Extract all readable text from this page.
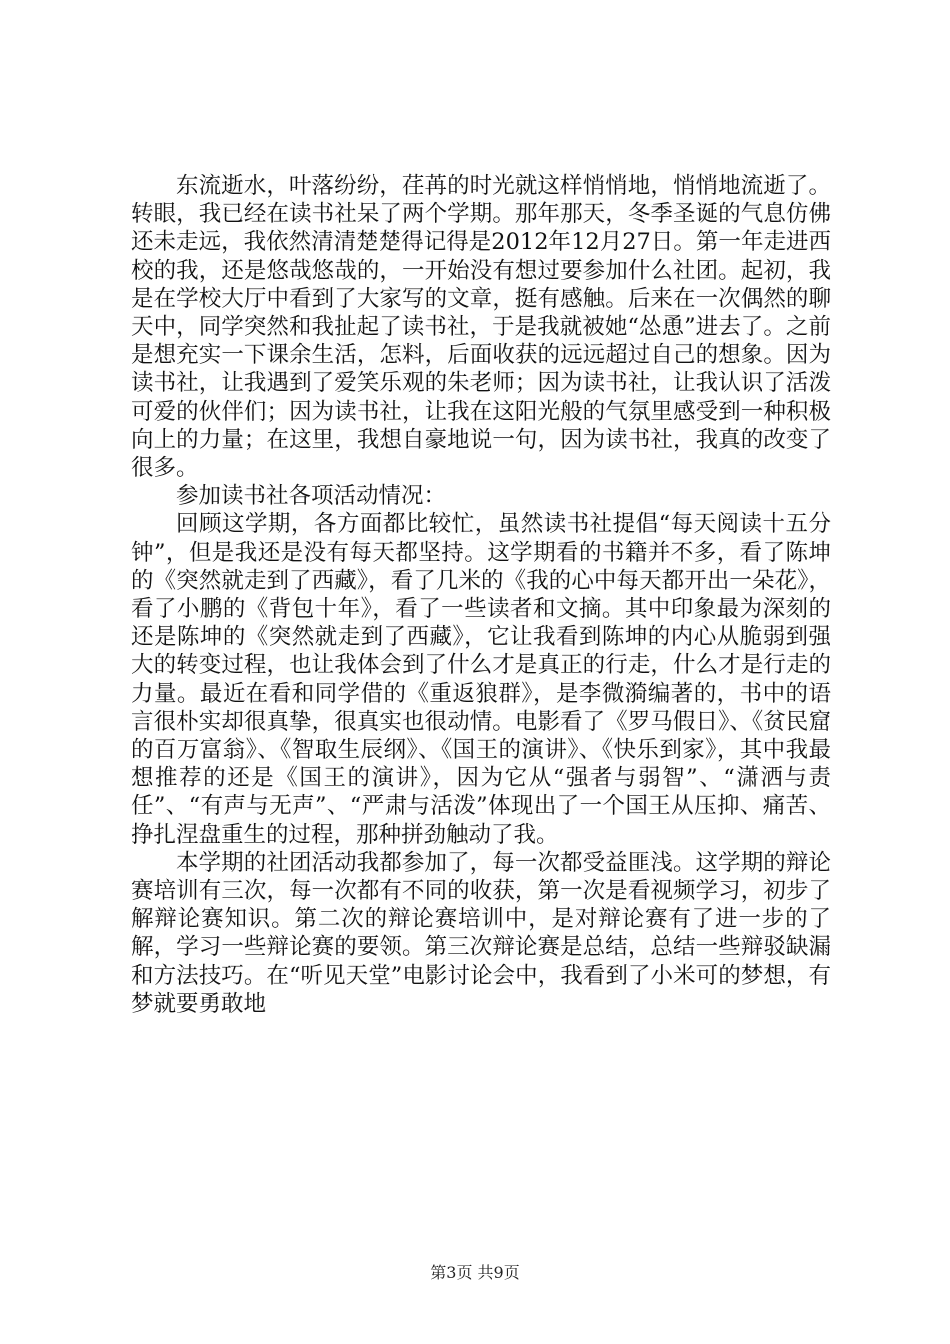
东流逝水，叶落纷纷，荏苒的时光就这样悄悄地，悄悄地流逝了。转眼，我已经在读书社呆了两个学期。那年那天，冬季圣诞的气息仿佛还未走远，我依然清清楚楚得记得是2012年12月27日。第一年走进西校的我，还是悠哉悠哉的，一开始没有想过要参加什么社团。起初，我是在学校大厅中看到了大家写的文章，挺有感触。后来在一次偶然的聊天中，同学突然和我扯起了读书社，于是我就被她“怂恿”进去了。之前是想充实一下课余生活，怎料，后面收获的远远超过自己的想象。因为读书社，让我遇到了爱笑乐观的朱老师；因为读书社，让我认识了活泼可爱的伙伴们；因为读书社，让我在这阳光般的气氛里感受到一种积极向上的力量；在这里，我想自豪地说一句，因为读书社，我真的改变了很多。

参加读书社各项活动情况：

回顾这学期，各方面都比较忙，虽然读书社提倡“每天阅读十五分钟”，但是我还是没有每天都坚持。这学期看的书籍并不多，看了陈坤的《突然就走到了西藏》，看了几米的《我的心中每天都开出一朵花》，看了小鹏的《背包十年》，看了一些读者和文摘。其中印象最为深刻的还是陈坤的《突然就走到了西藏》，它让我看到陈坤的内心从脆弱到强大的转变过程，也让我体会到了什么才是真正的行走，什么才是行走的力量。最近在看和同学借的《重返狼群》，是李微漪编著的，书中的语言很朴实却很真挚，很真实也很动情。电影看了《罗马假日》、《贫民窟的百万富翁》、《智取生辰纲》、《国王的演讲》、《快乐到家》，其中我最想推荐的还是《国王的演讲》，因为它从“强者与弱智”、“潇洒与责任”、“有声与无声”、“严肃与活泼”体现出了一个国王从压抑、痛苦、挣扎涅盘重生的过程，那种拼劲触动了我。

本学期的社团活动我都参加了，每一次都受益匪浅。这学期的辩论赛培训有三次，每一次都有不同的收获，第一次是看视频学习，初步了解辩论赛知识。第二次的辩论赛培训中，是对辩论赛有了进一步的了解，学习一些辩论赛的要领。第三次辩论赛是总结，总结一些辩驳缺漏和方法技巧。在“听见天堂”电影讨论会中，我看到了小米可的梦想，有梦就要勇敢地

第3页 共9页
